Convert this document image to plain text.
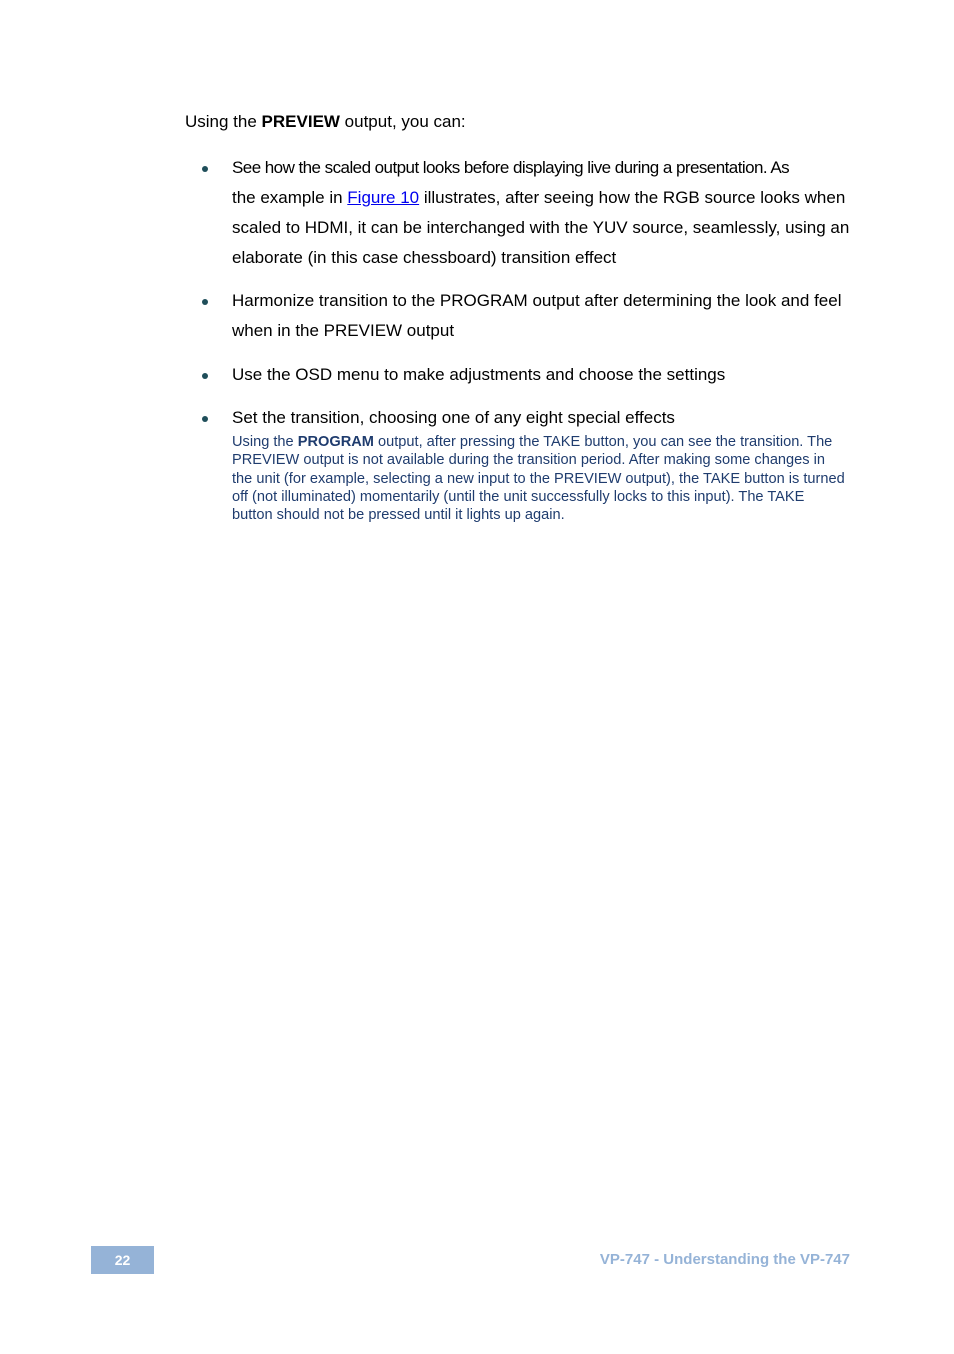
Using the PREVIEW output, you can:

See how the scaled output looks before displaying live during a presentation. As
the example in Figure 10 illustrates, after seeing how the RGB source looks when scaled to HDMI, it can be interchanged with the YUV source, seamlessly, using an elaborate (in this case chessboard) transition effect
Harmonize transition to the PROGRAM output after determining the look and feel when in the PREVIEW output
Use the OSD menu to make adjustments and choose the settings
Set the transition, choosing one of any eight special effects
Using the PROGRAM output, after pressing the TAKE button, you can see the transition. The PREVIEW output is not available during the transition period. After making some changes in the unit (for example, selecting a new input to the PREVIEW output), the TAKE button is turned off (not illuminated) momentarily (until the unit successfully locks to this input). The TAKE button should not be pressed until it lights up again.
22	VP-747 - Understanding the VP-747
